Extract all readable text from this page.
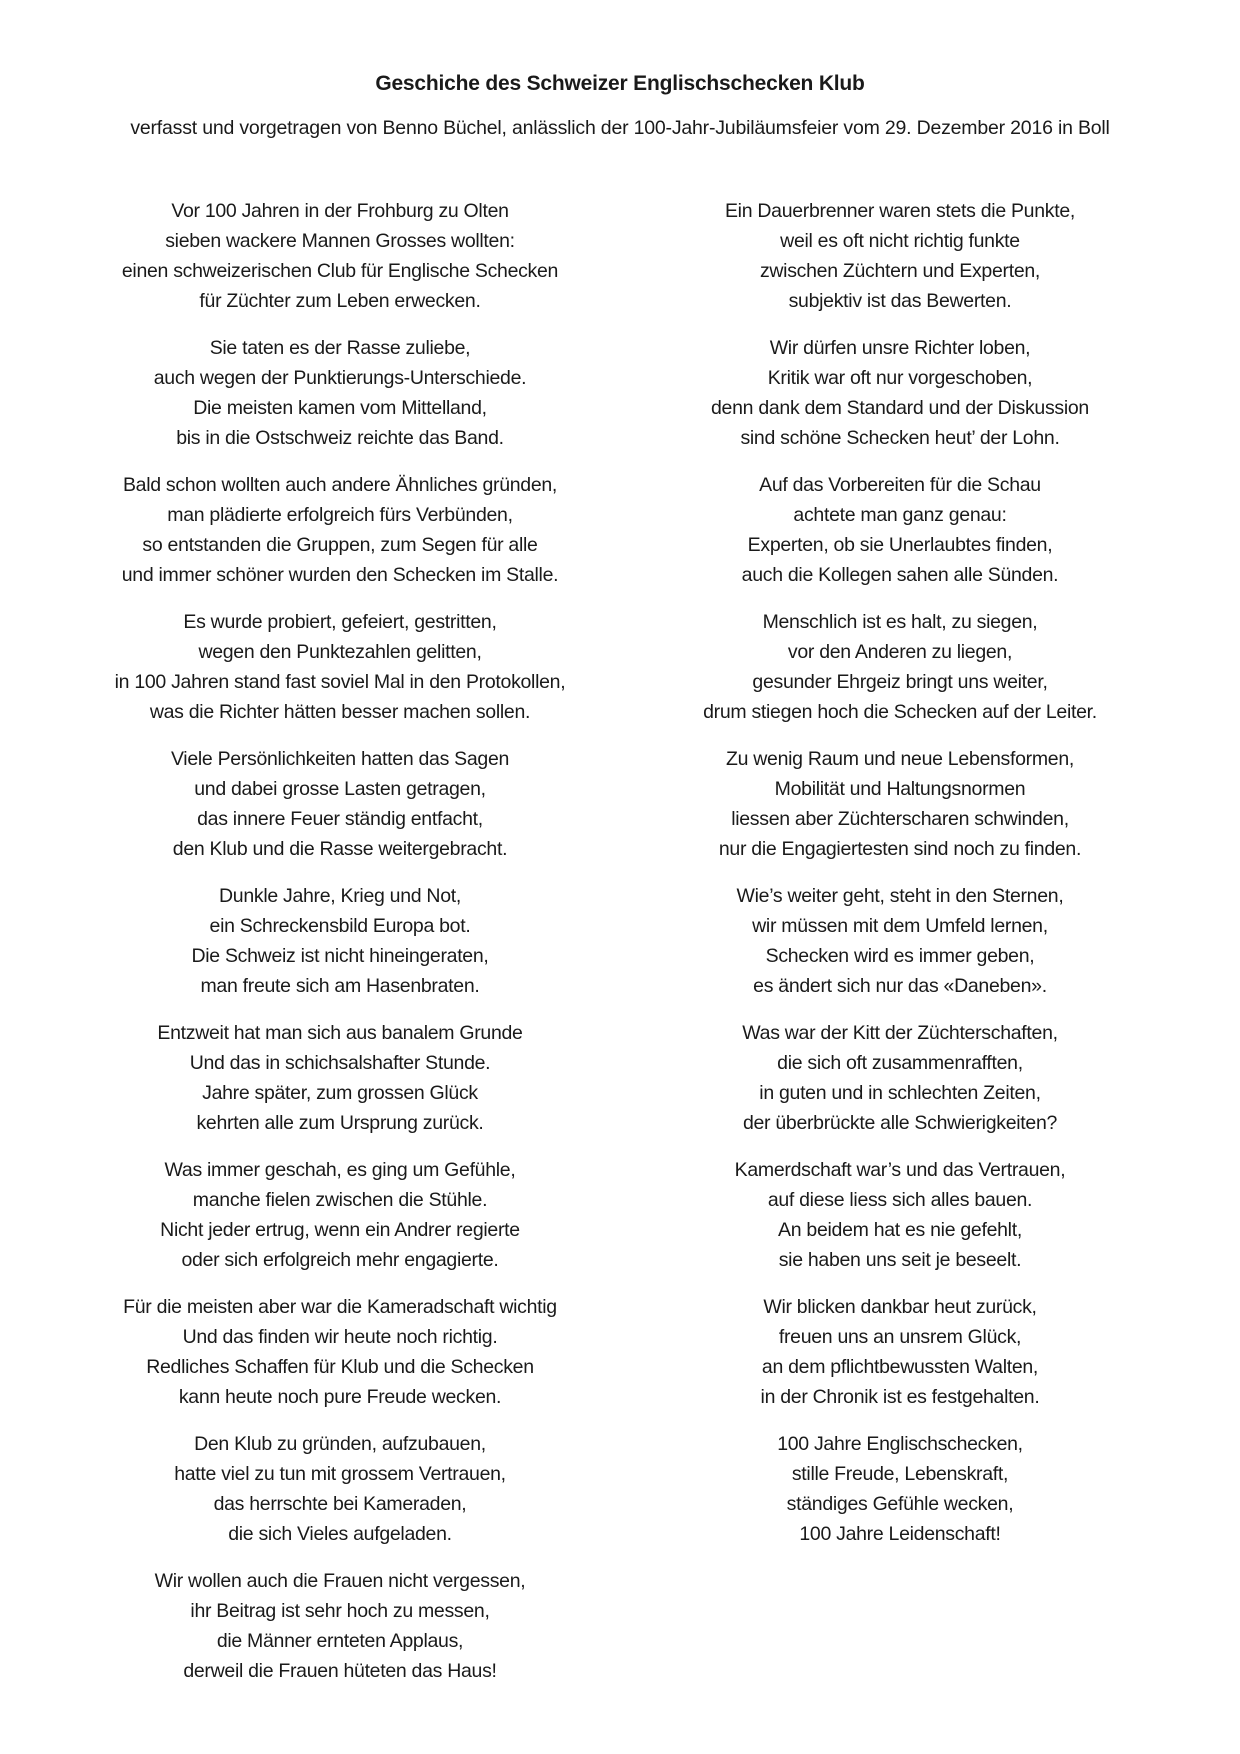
Geschiche des Schweizer Englischschecken Klub
verfasst und vorgetragen von Benno Büchel, anlässlich der 100-Jahr-Jubiläumsfeier vom 29. Dezember 2016 in Boll
Vor 100 Jahren in der Frohburg zu Olten
sieben wackere Mannen Grosses wollten:
einen schweizerischen Club für Englische Schecken
für Züchter zum Leben erwecken.
Sie taten es der Rasse zuliebe,
auch wegen der Punktierungs-Unterschiede.
Die meisten kamen vom Mittelland,
bis in die Ostschweiz reichte das Band.
Bald schon wollten auch andere Ähnliches gründen,
man plädierte erfolgreich fürs Verbünden,
so entstanden die Gruppen, zum Segen für alle
und immer schöner wurden den Schecken im Stalle.
Es wurde probiert, gefeiert, gestritten,
wegen den Punktezahlen gelitten,
in 100 Jahren stand fast soviel Mal in den Protokollen,
was die Richter hätten besser machen sollen.
Viele Persönlichkeiten hatten das Sagen
und dabei grosse Lasten getragen,
das innere Feuer ständig entfacht,
den Klub und die Rasse weitergebracht.
Dunkle Jahre, Krieg und Not,
ein Schreckensbild Europa bot.
Die Schweiz ist nicht hineingeraten,
man freute sich am Hasenbraten.
Entzweit hat man sich aus banalem Grunde
Und das in schichsalshafter Stunde.
Jahre später, zum grossen Glück
kehrten alle zum Ursprung zurück.
Was immer geschah, es ging um Gefühle,
manche fielen zwischen die Stühle.
Nicht jeder ertrug, wenn ein Andrer regierte
oder sich erfolgreich mehr engagierte.
Für die meisten aber war die Kameradschaft wichtig
Und das finden wir heute noch richtig.
Redliches Schaffen für Klub und die Schecken
kann heute noch pure Freude wecken.
Den Klub zu gründen, aufzubauen,
hatte viel zu tun mit grossem Vertrauen,
das herrschte bei Kameraden,
die sich Vieles aufgeladen.
Wir wollen auch die Frauen nicht vergessen,
ihr Beitrag ist sehr hoch zu messen,
die Männer ernteten Applaus,
derweil die Frauen hüteten das Haus!
Ein Dauerbrenner waren stets die Punkte,
weil es oft nicht richtig funkte
zwischen Züchtern und Experten,
subjektiv ist das Bewerten.
Wir dürfen unsre Richter loben,
Kritik war oft nur vorgeschoben,
denn dank dem Standard und der Diskussion
sind schöne Schecken heut’ der Lohn.
Auf das Vorbereiten für die Schau
achtete man ganz genau:
Experten, ob sie Unerlaubtes finden,
auch die Kollegen sahen alle Sünden.
Menschlich ist es halt, zu siegen,
vor den Anderen zu liegen,
gesunder Ehrgeiz bringt uns weiter,
drum stiegen hoch die Schecken auf der Leiter.
Zu wenig Raum und neue Lebensformen,
Mobilität und Haltungsnormen
liessen aber Züchterscharen schwinden,
nur die Engagiertesten sind noch zu finden.
Wie’s weiter geht, steht in den Sternen,
wir müssen mit dem Umfeld lernen,
Schecken wird es immer geben,
es ändert sich nur das «Daneben».
Was war der Kitt der Züchterschaften,
die sich oft zusammenrafften,
in guten und in schlechten Zeiten,
der überbrückte alle Schwierigkeiten?
Kamerdschaft war’s und das Vertrauen,
auf diese liess sich alles bauen.
An beidem hat es nie gefehlt,
sie haben uns seit je beseelt.
Wir blicken dankbar heut zurück,
freuen uns an unsrem Glück,
an dem pflichtbewussten Walten,
in der Chronik ist es festgehalten.
100 Jahre Englischschecken,
stille Freude, Lebenskraft,
ständiges Gefühle wecken,
100 Jahre Leidenschaft!
